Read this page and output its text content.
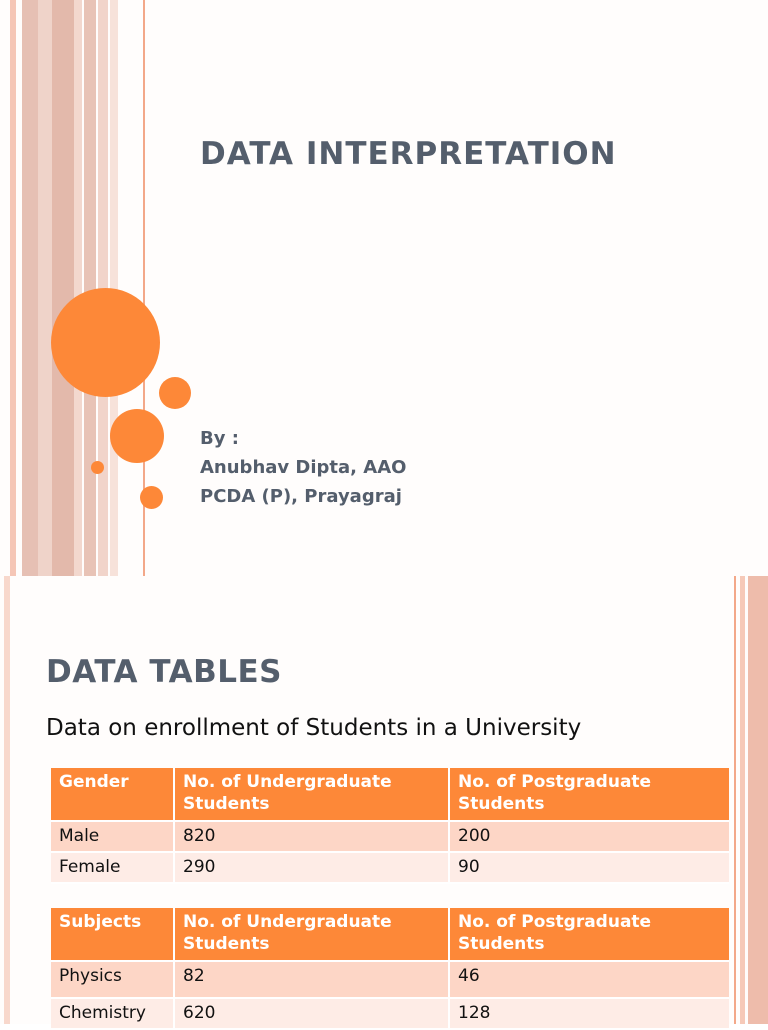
DATA INTERPRETATION
By :
Anubhav Dipta, AAO
PCDA (P), Prayagraj
DATA TABLES
Data on enrollment of Students in a University
Gender	No. of Undergraduate Students	No. of Postgraduate Students
Male	820	200
Female	290	90
Subjects	No. of Undergraduate Students	No. of Postgraduate Students
Physics	82	46
Chemistry	620	128
